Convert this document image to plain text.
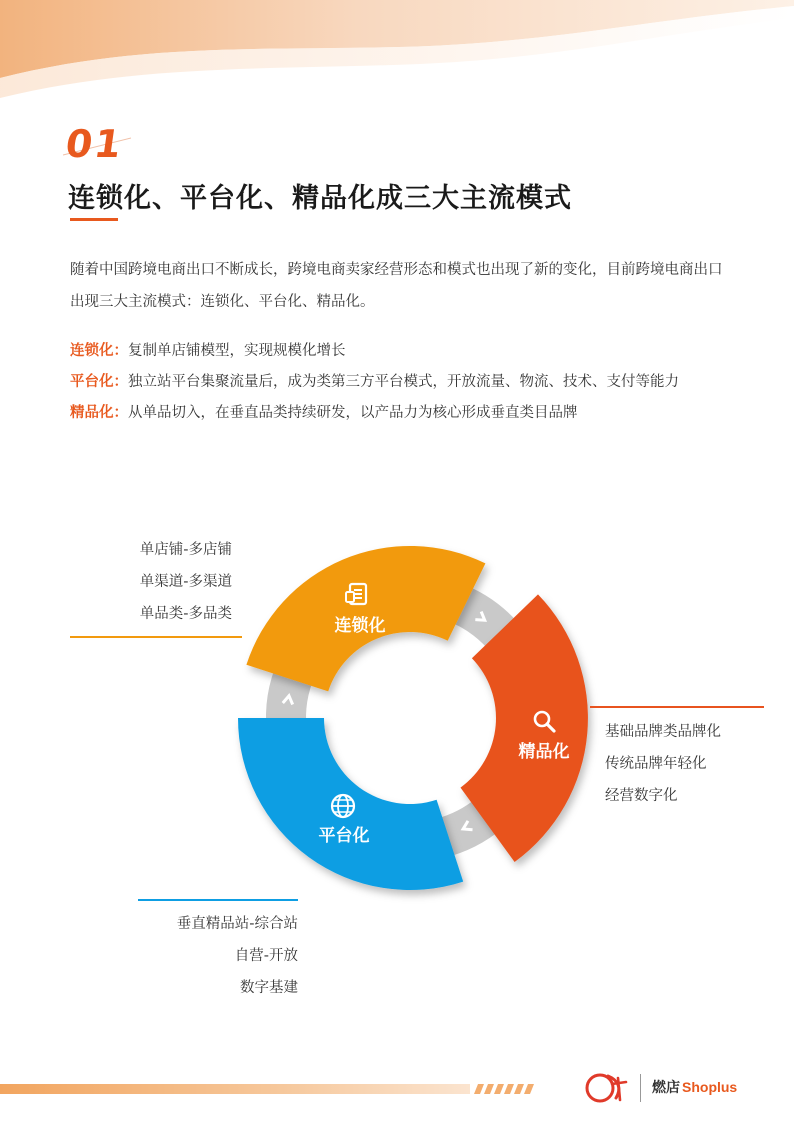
01
连锁化、平台化、精品化成三大主流模式

随着中国跨境电商出口不断成长，跨境电商卖家经营形态和模式也出现了新的变化，目前跨境电商出口出现三大主流模式：连锁化、平台化、精品化。

连锁化：复制单店铺模型，实现规模化增长
平台化：独立站平台集聚流量后，成为类第三方平台模式，开放流量、物流、技术、支付等能力
精品化：从单品切入，在垂直品类持续研发，以产品力为核心形成垂直类目品牌
连锁化
精品化
平台化
单店铺-多店铺
单渠道-多渠道
单品类-多品类
基础品牌类品牌化
传统品牌年轻化
经营数字化
垂直精品站-综合站
自营-开放
数字基建
燃店 Shoplus
